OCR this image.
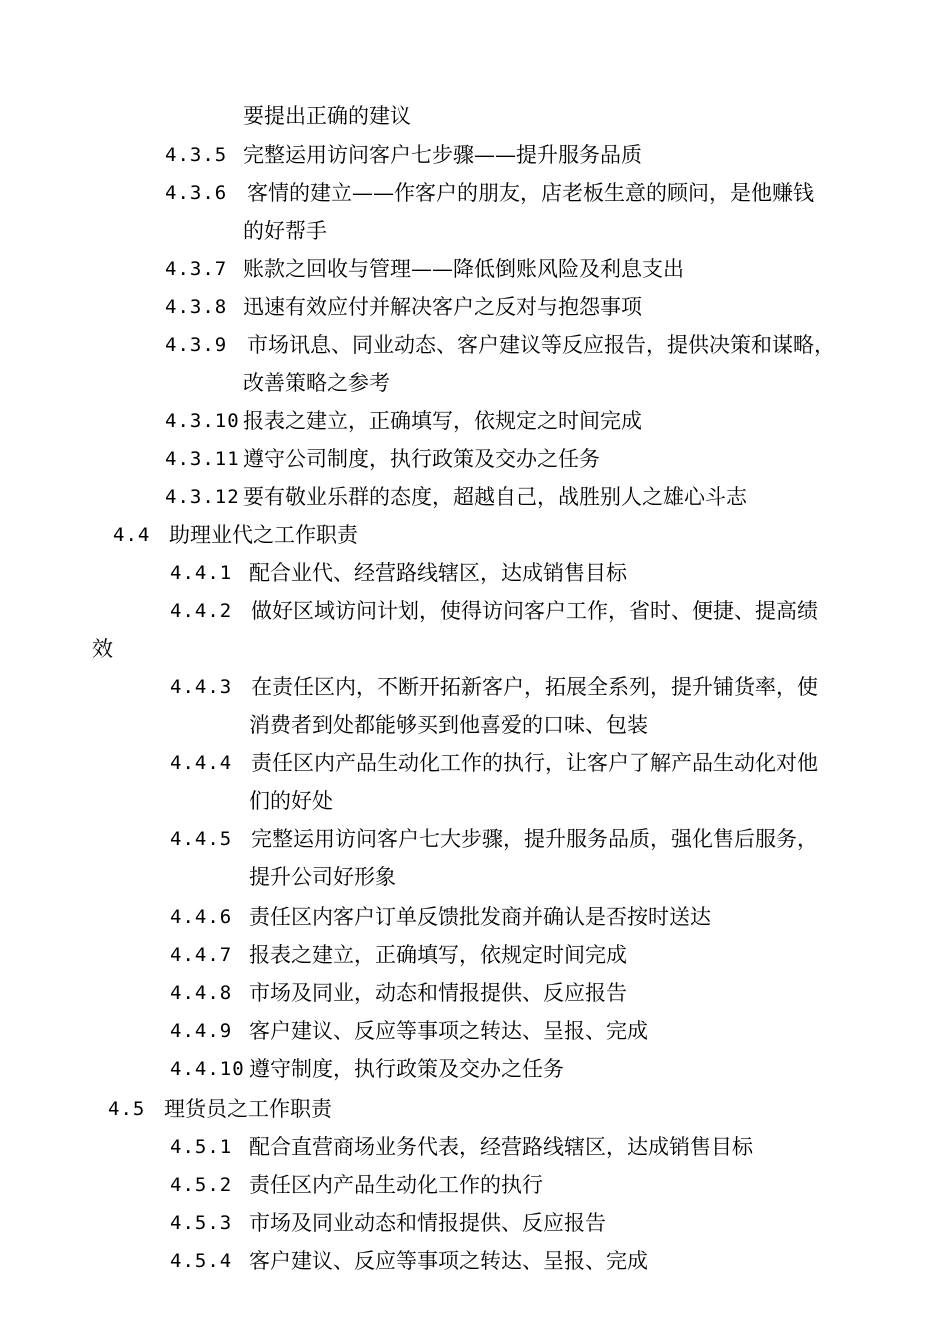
要提出正确的建议
4.3.5 完整运用访问客户七步骤——提升服务品质
4.3.6 客情的建立——作客户的朋友，店老板生意的顾问，是他赚钱
的好帮手
4.3.7 账款之回收与管理——降低倒账风险及利息支出
4.3.8 迅速有效应付并解决客户之反对与抱怨事项
4.3.9 市场讯息、同业动态、客户建议等反应报告，提供决策和谋略，
改善策略之参考
4.3.10 报表之建立，正确填写，依规定之时间完成
4.3.11 遵守公司制度，执行政策及交办之任务
4.3.12 要有敬业乐群的态度，超越自己，战胜别人之雄心斗志
4.4 助理业代之工作职责
4.4.1 配合业代、经营路线辖区，达成销售目标
4.4.2 做好区域访问计划，使得访问客户工作，省时、便捷、提高绩
效
4.4.3 在责任区内，不断开拓新客户，拓展全系列，提升铺货率，使
消费者到处都能够买到他喜爱的口味、包装
4.4.4 责任区内产品生动化工作的执行，让客户了解产品生动化对他
们的好处
4.4.5 完整运用访问客户七大步骤，提升服务品质，强化售后服务，
提升公司好形象
4.4.6 责任区内客户订单反馈批发商并确认是否按时送达
4.4.7 报表之建立，正确填写，依规定时间完成
4.4.8 市场及同业，动态和情报提供、反应报告
4.4.9 客户建议、反应等事项之转达、呈报、完成
4.4.10 遵守制度，执行政策及交办之任务
4.5 理货员之工作职责
4.5.1 配合直营商场业务代表，经营路线辖区，达成销售目标
4.5.2 责任区内产品生动化工作的执行
4.5.3 市场及同业动态和情报提供、反应报告
4.5.4 客户建议、反应等事项之转达、呈报、完成
